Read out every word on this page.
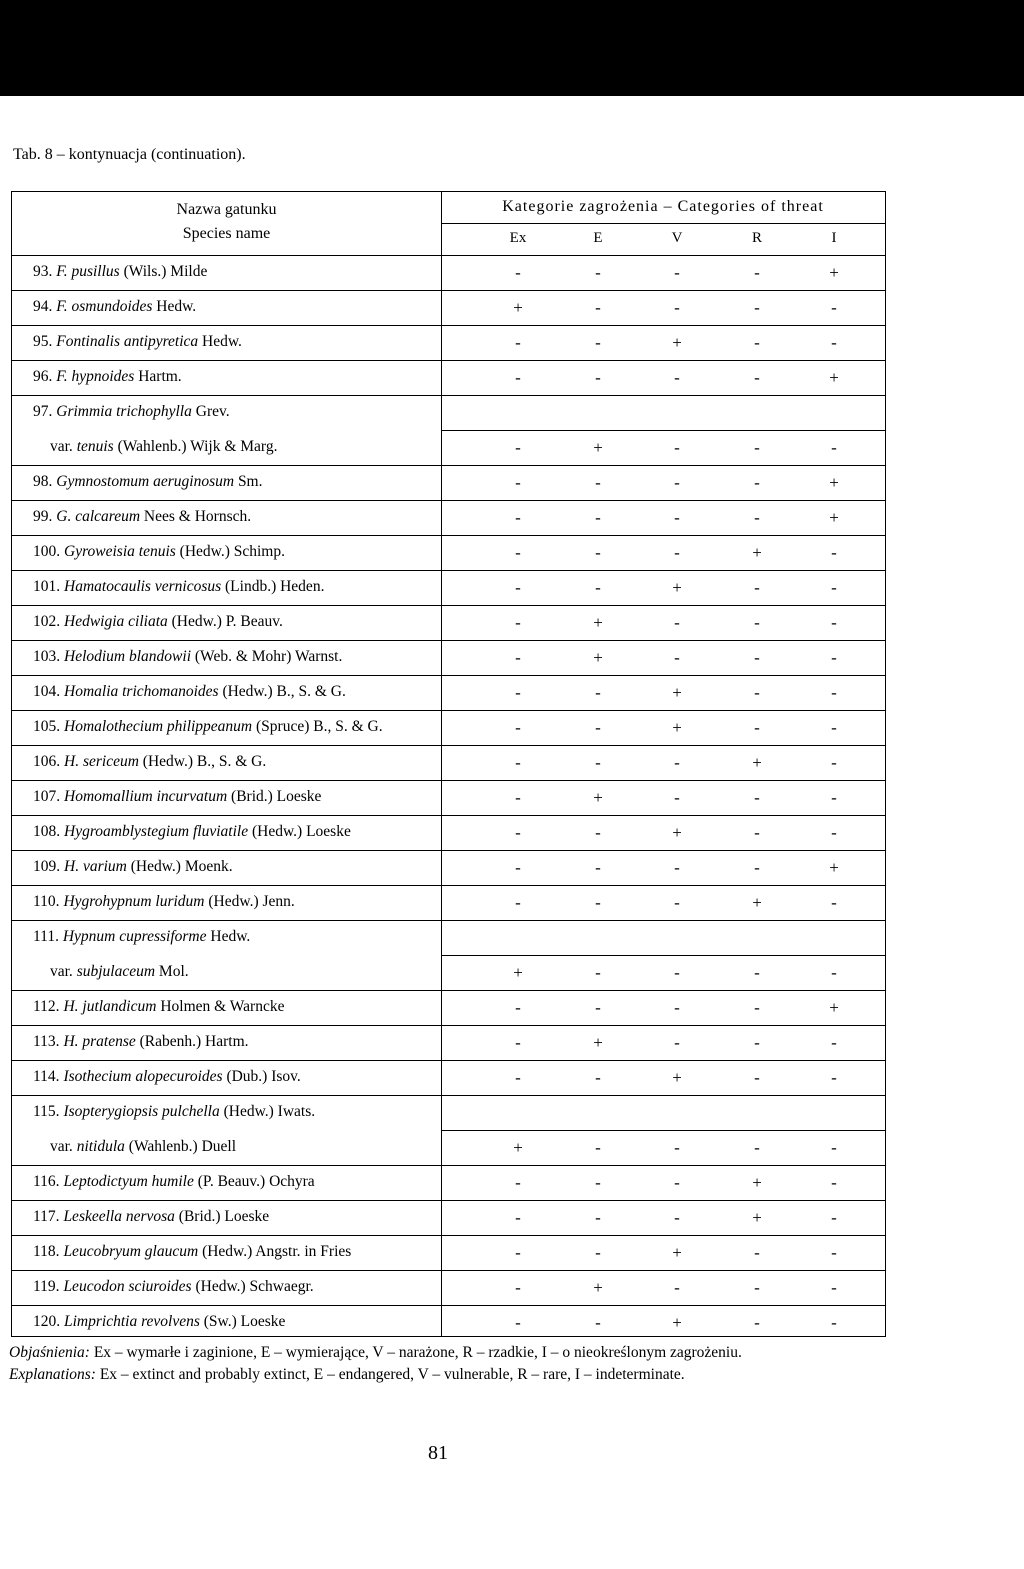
Tab. 8 – kontynuacja (continuation).
Nazwa gatunku
Species name
Kategorie zagrożenia – Categories of threat
Ex	E	V	R	I
93. F. pusillus (Wils.) Milde	-	-	-	-	+
94. F. osmundoides Hedw.	+	-	-	-	-
95. Fontinalis antipyretica Hedw.	-	-	+	-	-
96. F. hypnoides Hartm.	-	-	-	-	+
97. Grimmia trichophylla Grev.
var. tenuis (Wahlenb.) Wijk & Marg.	-	+	-	-	-
98. Gymnostomum aeruginosum Sm.	-	-	-	-	+
99. G. calcareum Nees & Hornsch.	-	-	-	-	+
100. Gyroweisia tenuis (Hedw.) Schimp.	-	-	-	+	-
101. Hamatocaulis vernicosus (Lindb.) Heden.	-	-	+	-	-
102. Hedwigia ciliata (Hedw.) P. Beauv.	-	+	-	-	-
103. Helodium blandowii (Web. & Mohr) Warnst.	-	+	-	-	-
104. Homalia trichomanoides (Hedw.) B., S. & G.	-	-	+	-	-
105. Homalothecium philippeanum (Spruce) B., S. & G.	-	-	+	-	-
106. H. sericeum (Hedw.) B., S. & G.	-	-	-	+	-
107. Homomallium incurvatum (Brid.) Loeske	-	+	-	-	-
108. Hygroamblystegium fluviatile (Hedw.) Loeske	-	-	+	-	-
109. H. varium (Hedw.) Moenk.	-	-	-	-	+
110. Hygrohypnum luridum (Hedw.) Jenn.	-	-	-	+	-
111. Hypnum cupressiforme Hedw.
var. subjulaceum Mol.	+	-	-	-	-
112. H. jutlandicum Holmen & Warncke	-	-	-	-	+
113. H. pratense (Rabenh.) Hartm.	-	+	-	-	-
114. Isothecium alopecuroides (Dub.) Isov.	-	-	+	-	-
115. Isopterygiopsis pulchella (Hedw.) Iwats.
var. nitidula (Wahlenb.) Duell	+	-	-	-	-
116. Leptodictyum humile (P. Beauv.) Ochyra	-	-	-	+	-
117. Leskeella nervosa (Brid.) Loeske	-	-	-	+	-
118. Leucobryum glaucum (Hedw.) Angstr. in Fries	-	-	+	-	-
119. Leucodon sciuroides (Hedw.) Schwaegr.	-	+	-	-	-
120. Limprichtia revolvens (Sw.) Loeske	-	-	+	-	-
Objaśnienia: Ex – wymarłe i zaginione, E – wymierające, V – narażone, R – rzadkie, I – o nieokreślonym zagrożeniu.
Explanations: Ex – extinct and probably extinct, E – endangered, V – vulnerable, R – rare, I – indeterminate.
81
